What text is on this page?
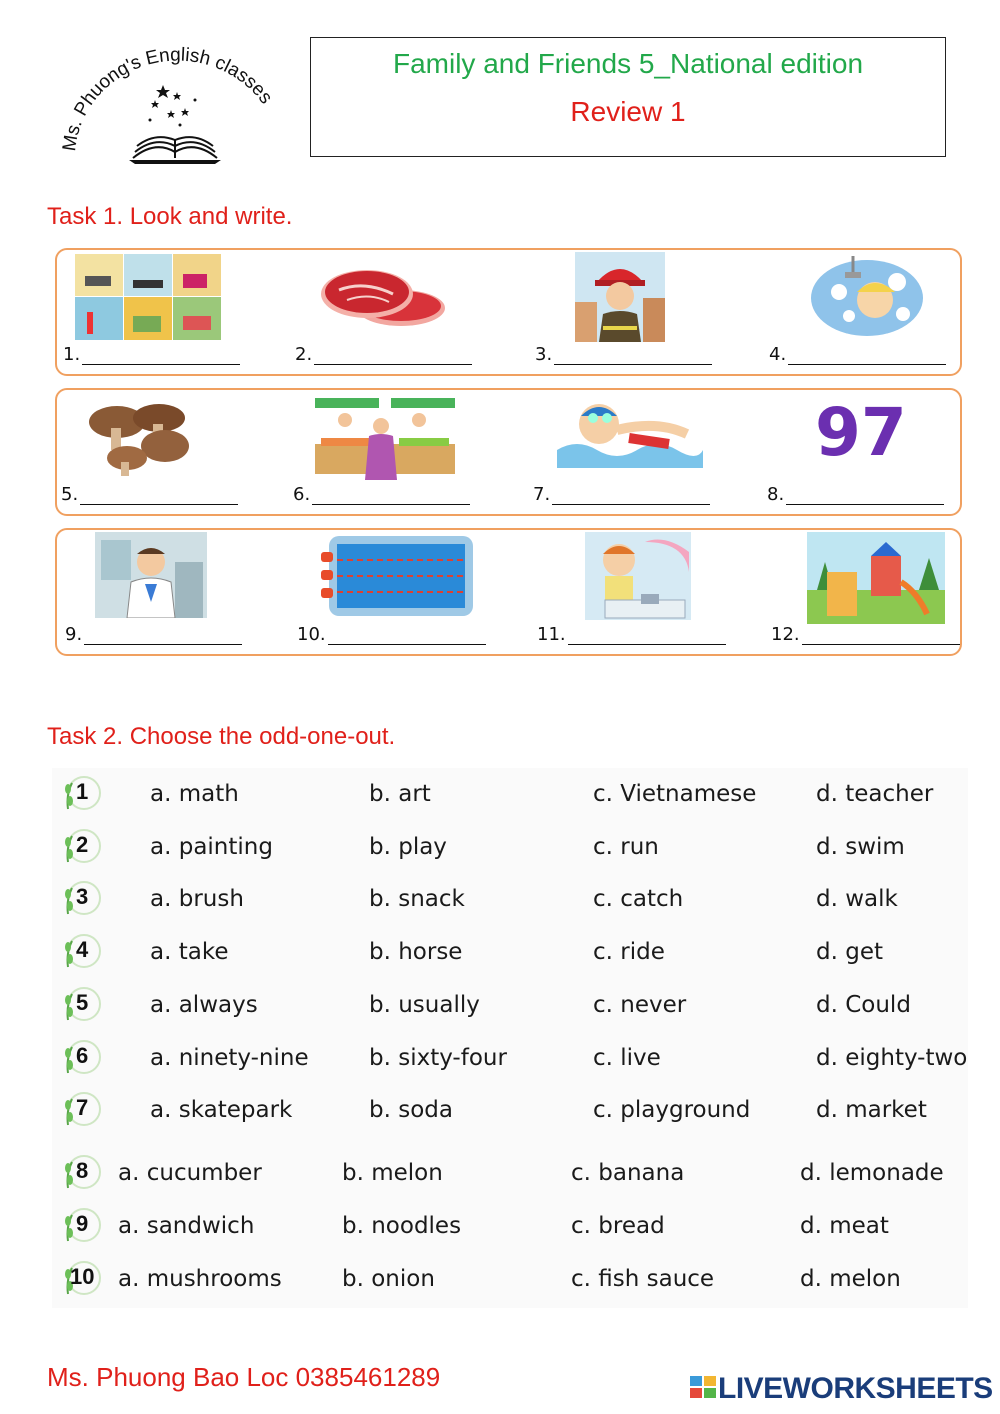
Ms. Phuong's English classes
Family and Friends 5_National edition
Review 1
Task 1. Look and write.
1.	2.	3.	4.
97
5.	6.	7.	8.
9.	10.	11.	12.
Task 2. Choose the odd-one-out.
1	a. math	b. art	c. Vietnamese	d. teacher
2	a. painting	b. play	c. run	d. swim
3	a. brush	b. snack	c. catch	d. walk
4	a. take	b. horse	c. ride	d. get
5	a. always	b. usually	c. never	d. Could
6	a. ninety-nine	b. sixty-four	c. live	d. eighty-two
7	a. skatepark	b. soda	c. playground	d. market
8 a. cucumber	b. melon	c. banana	d. lemonade
9 a. sandwich	b. noodles	c. bread	d. meat
10 a. mushrooms	b. onion	c. fish sauce	d. melon
Ms. Phuong Bao Loc 0385461289	LIVEWORKSHEETS
